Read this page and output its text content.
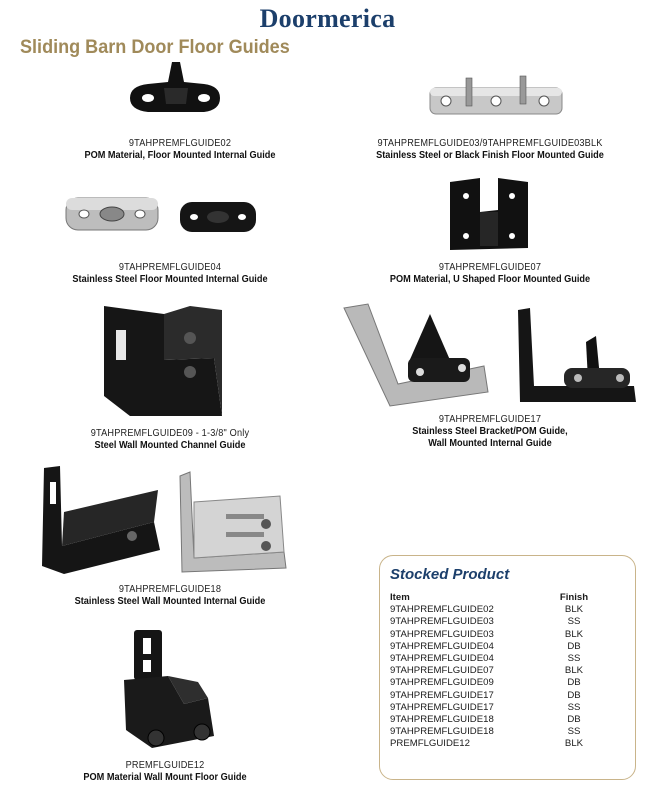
Doormerica
Sliding Barn Door Floor Guides
9TAHPREMFLGUIDE02
POM Material, Floor Mounted Internal Guide
9TAHPREMFLGUIDE03/9TAHPREMFLGUIDE03BLK
Stainless Steel or Black Finish Floor Mounted Guide
9TAHPREMFLGUIDE04
Stainless Steel Floor Mounted Internal Guide
9TAHPREMFLGUIDE07
POM Material, U Shaped Floor Mounted Guide
9TAHPREMFLGUIDE09 - 1-3/8" Only
Steel Wall Mounted Channel Guide
9TAHPREMFLGUIDE17
Stainless Steel Bracket/POM Guide,
Wall Mounted Internal Guide
9TAHPREMFLGUIDE18
Stainless Steel Wall Mounted Internal Guide
PREMFLGUIDE12
POM Material Wall Mount Floor Guide
Stocked Product
Item	Finish
9TAHPREMFLGUIDE02	BLK
9TAHPREMFLGUIDE03	SS
9TAHPREMFLGUIDE03	BLK
9TAHPREMFLGUIDE04	DB
9TAHPREMFLGUIDE04	SS
9TAHPREMFLGUIDE07	BLK
9TAHPREMFLGUIDE09	DB
9TAHPREMFLGUIDE17	DB
9TAHPREMFLGUIDE17	SS
9TAHPREMFLGUIDE18	DB
9TAHPREMFLGUIDE18	SS
PREMFLGUIDE12	BLK
